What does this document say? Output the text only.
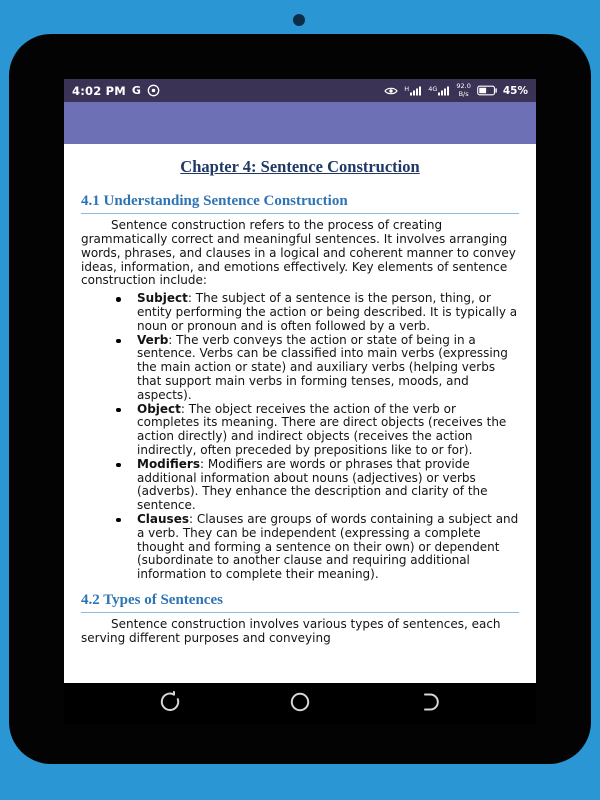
4:02 PM G	H	4G	92.0
B/s	45%
Chapter 4: Sentence Construction
4.1 Understanding Sentence Construction

Sentence construction refers to the process of creating grammatically correct and meaningful sentences. It involves arranging words, phrases, and clauses in a logical and coherent manner to convey ideas, information, and emotions effectively. Key elements of sentence construction include:

Subject: The subject of a sentence is the person, thing, or entity performing the action or being described. It is typically a noun or pronoun and is often followed by a verb.
Verb: The verb conveys the action or state of being in a sentence. Verbs can be classified into main verbs (expressing the main action or state) and auxiliary verbs (helping verbs that support main verbs in forming tenses, moods, and aspects).
Object: The object receives the action of the verb or completes its meaning. There are direct objects (receives the action directly) and indirect objects (receives the action indirectly, often preceded by prepositions like to or for).
Modifiers: Modifiers are words or phrases that provide additional information about nouns (adjectives) or verbs (adverbs). They enhance the description and clarity of the sentence.
Clauses: Clauses are groups of words containing a subject and a verb. They can be independent (expressing a complete thought and forming a sentence on their own) or dependent (subordinate to another clause and requiring additional information to complete their meaning).
4.2 Types of Sentences

Sentence construction involves various types of sentences, each serving different purposes and conveying
